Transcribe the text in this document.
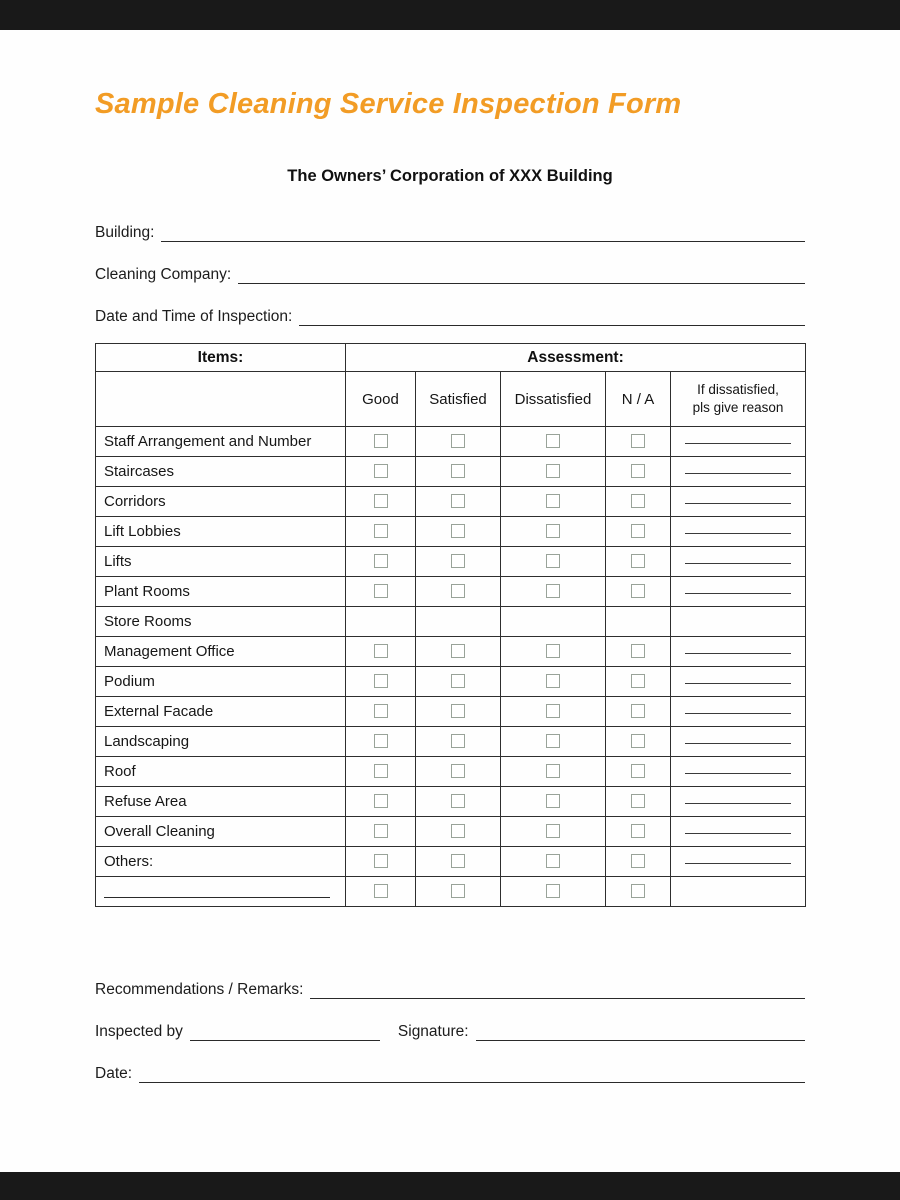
Sample Cleaning Service Inspection Form
The Owners’ Corporation of XXX Building
Building:
Cleaning Company:
Date and Time of Inspection:
Items:	Assessment:				
	Good	Satisfied	Dissatisfied	N / A	If dissatisfied,
pls give reason
Staff Arrangement and Number					
Staircases					
Corridors					
Lift Lobbies					
Lifts					
Plant Rooms					
Store Rooms					
Management Office					
Podium					
External Facade					
Landscaping					
Roof					
Refuse Area					
Overall Cleaning					
Others:					

Recommendations / Remarks:
Inspected by	Signature:
Date:
